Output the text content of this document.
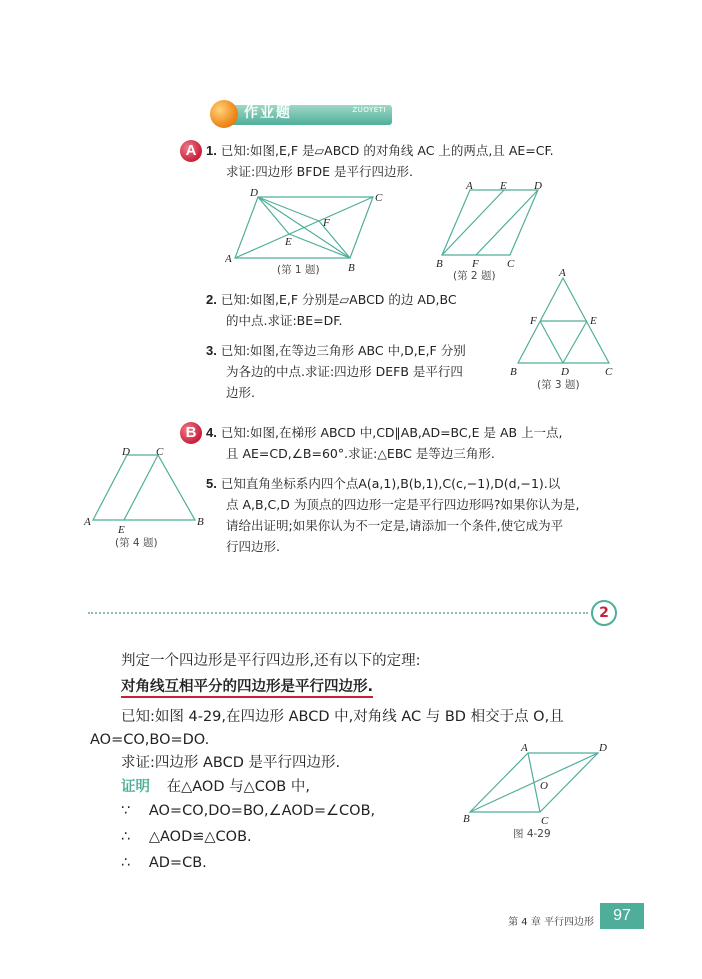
作业题	ZUOYETI
A 1. 已知:如图,E,F 是▱ABCD 的对角线 AC 上的两点,且 AE=CF.
求证:四边形 BFDE 是平行四边形.
A
B
C
D
E
F
(第 1 题)
A E D
B	F	C
(第 2 题)
2. 已知:如图,E,F 分别是▱ABCD 的边 AD,BC
的中点.求证:BE=DF.
3. 已知:如图,在等边三角形 ABC 中,D,E,F 分别
为各边的中点.求证:四边形 DEFB 是平行四
边形.
A
F	E
B	D	C
(第 3 题)
B 4. 已知:如图,在梯形 ABCD 中,CD∥AB,AD=BC,E 是 AB 上一点,
且 AE=CD,∠B=60°.求证:△EBC 是等边三角形.
5. 已知直角坐标系内四个点A(a,1),B(b,1),C(c,−1),D(d,−1).以
点 A,B,C,D 为顶点的四边形一定是平行四边形吗?如果你认为是,
请给出证明;如果你认为不一定是,请添加一个条件,使它成为平
行四边形.
D C
A	B
E
(第 4 题)
2
判定一个四边形是平行四边形,还有以下的定理:
对角线互相平分的四边形是平行四边形.
已知:如图 4-29,在四边形 ABCD 中,对角线 AC 与 BD 相交于点 O,且
AO=CO,BO=DO.
求证:四边形 ABCD 是平行四边形.
证明 在△AOD 与△COB 中,
∵ AO=CO,DO=BO,∠AOD=∠COB,
∴ △AOD≌△COB.
∴ AD=CB.
A	D
B	C
O
图 4-29
第 4 章 平行四边形	97
